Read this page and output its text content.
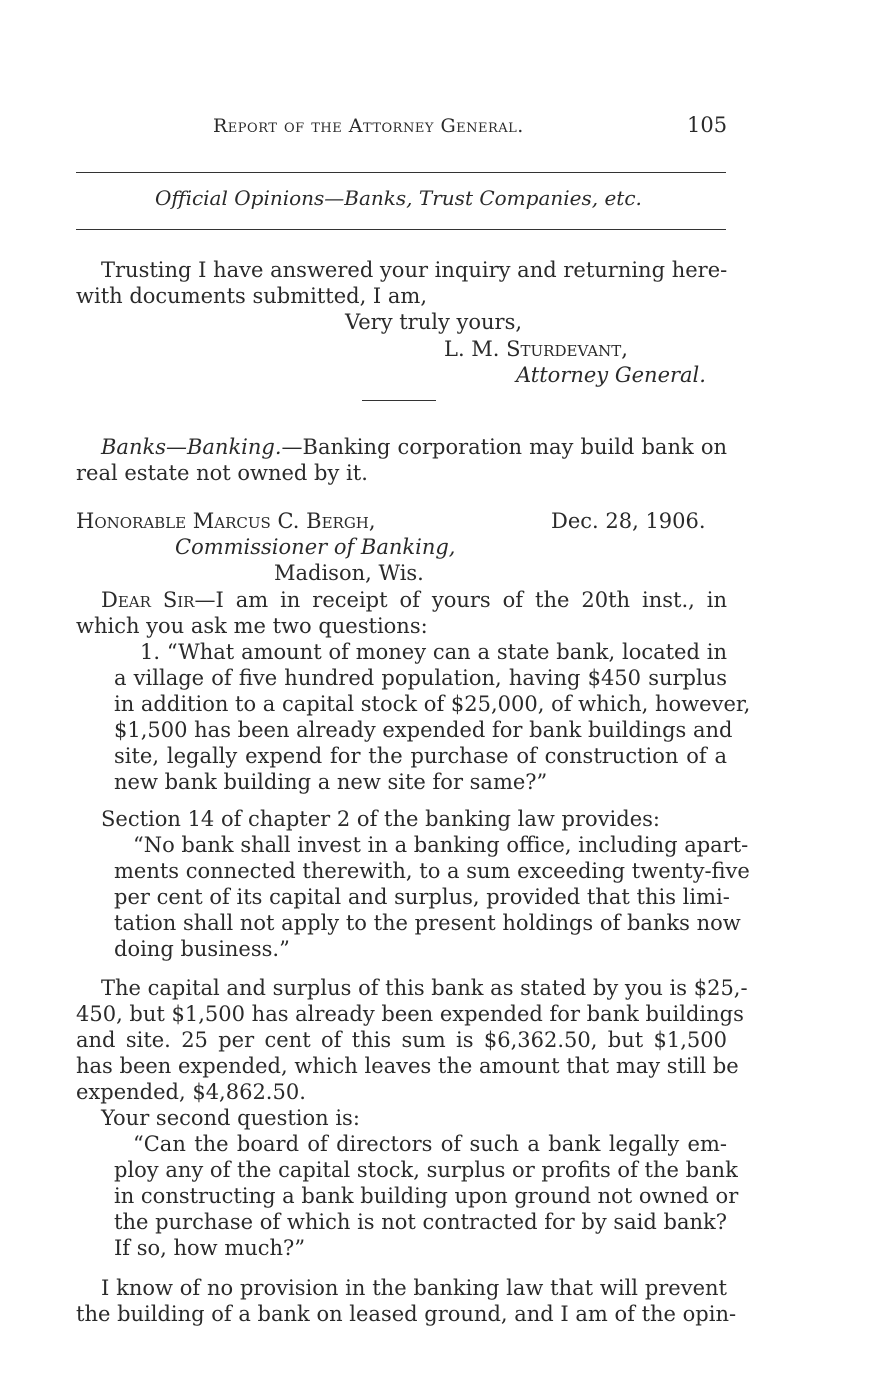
Report of the Attorney General.	105
Official Opinions—Banks, Trust Companies, etc.
Trusting I have answered your inquiry and returning here-
with documents submitted, I am,
Very truly yours,
L. M. Sturdevant,
Attorney General.
Banks—Banking.—Banking corporation may build bank on
real estate not owned by it.
Honorable Marcus C. Bergh,	Dec. 28, 1906.
Commissioner of Banking,
Madison, Wis.
Dear Sir—I am in receipt of yours of the 20th inst., in
which you ask me two questions:
1. “What amount of money can a state bank, located in
a village of five hundred population, having $450 surplus
in addition to a capital stock of $25,000, of which, however,
$1,500 has been already expended for bank buildings and
site, legally expend for the purchase of construction of a
new bank building a new site for same?”
Section 14 of chapter 2 of the banking law provides:
“No bank shall invest in a banking office, including apart-
ments connected therewith, to a sum exceeding twenty-five
per cent of its capital and surplus, provided that this limi-
tation shall not apply to the present holdings of banks now
doing business.”
The capital and surplus of this bank as stated by you is $25,-
450, but $1,500 has already been expended for bank buildings
and site. 25 per cent of this sum is $6,362.50, but $1,500
has been expended, which leaves the amount that may still be
expended, $4,862.50.
Your second question is:
“Can the board of directors of such a bank legally em-
ploy any of the capital stock, surplus or profits of the bank
in constructing a bank building upon ground not owned or
the purchase of which is not contracted for by said bank?
If so, how much?”
I know of no provision in the banking law that will prevent
the building of a bank on leased ground, and I am of the opin-
